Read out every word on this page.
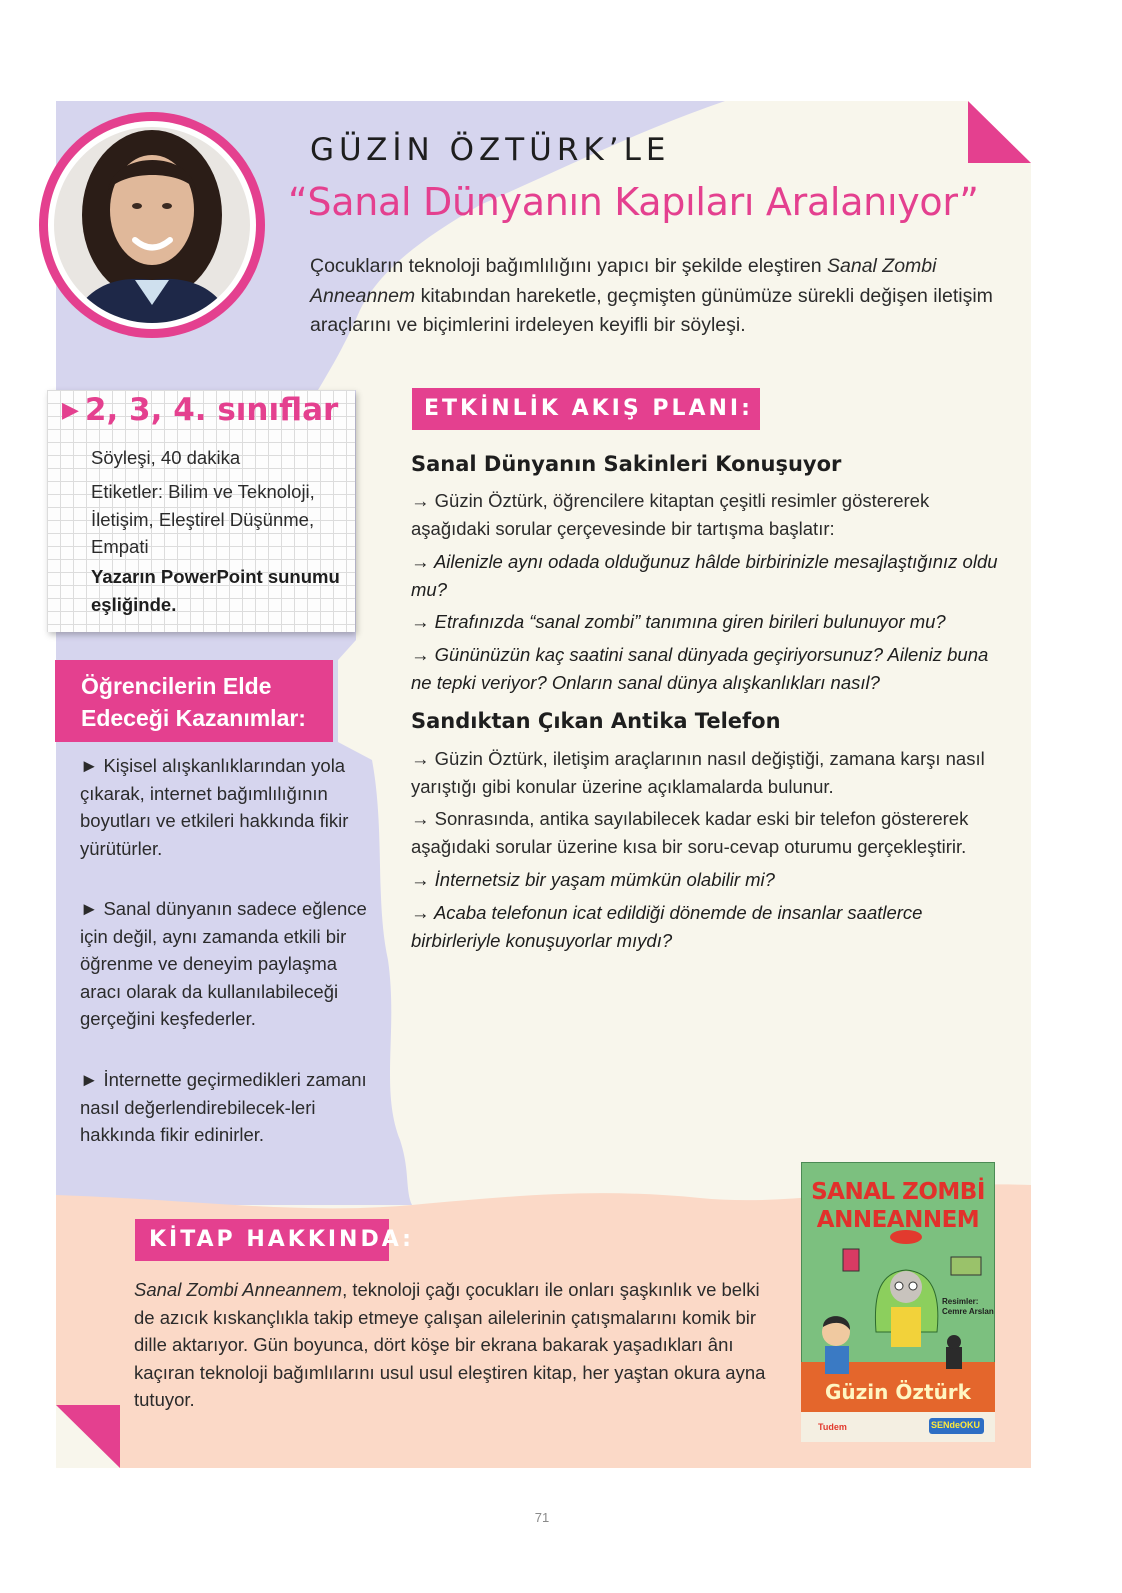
GÜZİN ÖZTÜRK’LE
“Sanal Dünyanın Kapıları Aralanıyor”
Çocukların teknoloji bağımlılığını yapıcı bir şekilde eleştiren Sanal Zombi Anneannem kitabından hareketle, geçmişten günümüze sürekli değişen iletişim araçlarını ve biçimlerini irdeleyen keyifli bir söyleşi.
▶ 2, 3, 4. sınıflar
Söyleşi, 40 dakika
Etiketler: Bilim ve Teknoloji, İletişim, Eleştirel Düşünme, Empati
Yazarın PowerPoint sunumu eşliğinde.
Öğrencilerin Elde Edeceği Kazanımlar:
► Kişisel alışkanlıklarından yola çıkarak, internet bağımlılığının boyutları ve etkileri hakkında fikir yürütürler.
► Sanal dünyanın sadece eğlence için değil, aynı zamanda etkili bir öğrenme ve deneyim paylaşma aracı olarak da kullanılabileceği gerçeğini keşfederler.
► İnternette geçirmedikleri zamanı nasıl değerlendirebilecek-leri hakkında fikir edinirler.
ETKİNLİK AKIŞ PLANI:
Sanal Dünyanın Sakinleri Konuşuyor
→ Güzin Öztürk, öğrencilere kitaptan çeşitli resimler göstererek aşağıdaki sorular çerçevesinde bir tartışma başlatır:
→ Ailenizle aynı odada olduğunuz hâlde birbirinizle mesajlaştığınız oldu mu?
→ Etrafınızda “sanal zombi” tanımına giren birileri bulunuyor mu?
→ Gününüzün kaç saatini sanal dünyada geçiriyorsunuz? Aileniz buna ne tepki veriyor? Onların sanal dünya alışkanlıkları nasıl?
Sandıktan Çıkan Antika Telefon
→ Güzin Öztürk, iletişim araçlarının nasıl değiştiği, zamana karşı nasıl yarıştığı gibi konular üzerine açıklamalarda bulunur.
→ Sonrasında, antika sayılabilecek kadar eski bir telefon göstererek aşağıdaki sorular üzerine kısa bir soru-cevap oturumu gerçekleştirir.
→ İnternetsiz bir yaşam mümkün olabilir mi?
→ Acaba telefonun icat edildiği dönemde de insanlar saatlerce birbirleriyle konuşuyorlar mıydı?
KİTAP HAKKINDA:
Sanal Zombi Anneannem, teknoloji çağı çocukları ile onları şaşkınlık ve belki de azıcık kıskançlıkla takip etmeye çalışan ailelerinin çatışmalarını komik bir dille aktarıyor. Gün boyunca, dört köşe bir ekrana bakarak yaşadıkları ânı kaçıran teknoloji bağımlılarını usul usul eleştiren kitap, her yaştan okura ayna tutuyor.
SANAL ZOMBİ
ANNEANNEM
Resimler:
Cemre Arslan
Güzin Öztürk
Tudem	SENdeOKU
71
